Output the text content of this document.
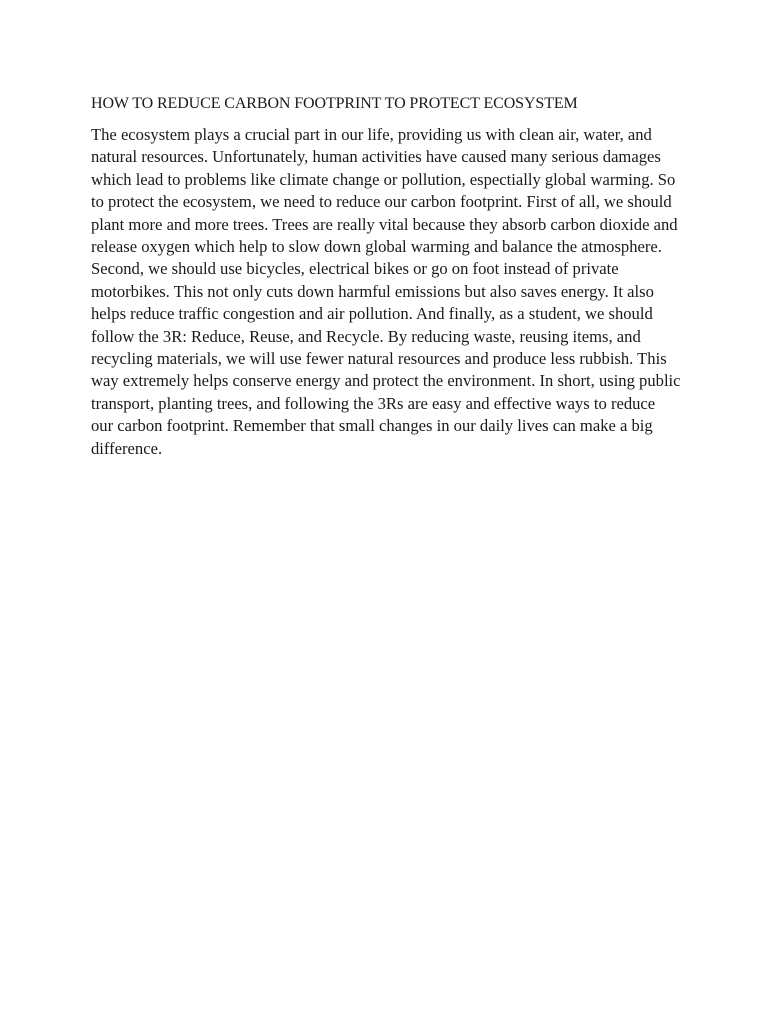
HOW TO REDUCE CARBON FOOTPRINT TO PROTECT ECOSYSTEM

The ecosystem plays a crucial part in our life, providing us with clean air, water, and natural resources. Unfortunately, human activities have caused many serious damages which lead to problems like climate change or pollution, espectially global warming. So to protect the ecosystem, we need to reduce our carbon footprint. First of all, we should plant more and more trees. Trees are really vital because they absorb carbon dioxide and release oxygen which help to slow down global warming and balance the atmosphere. Second, we should use bicycles, electrical bikes or go on foot instead of private motorbikes. This not only cuts down harmful emissions but also saves energy. It also helps reduce traffic congestion and air pollution. And finally, as a student, we should follow the 3R: Reduce, Reuse, and Recycle. By reducing waste, reusing items, and recycling materials, we will use fewer natural resources and produce less rubbish. This way extremely helps conserve energy and protect the environment. In short, using public transport, planting trees, and following the 3Rs are easy and effective ways to reduce our carbon footprint. Remember that small changes in our daily lives can make a big difference.
